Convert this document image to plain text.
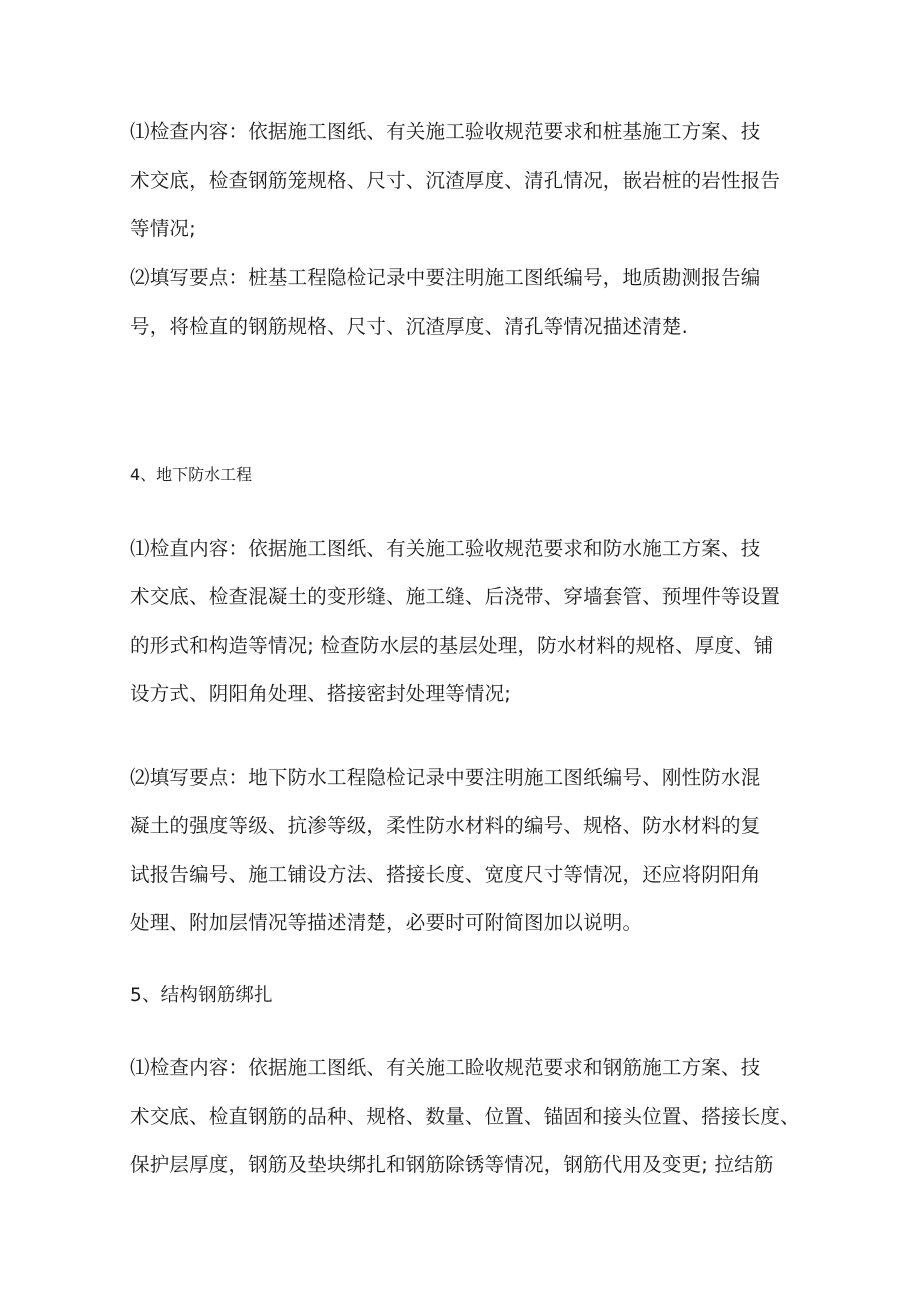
⑴检查内容：依据施工图纸、有关施工验收规范要求和桩基施工方案、技

术交底，检查钢筋笼规格、尺寸、沉渣厚度、清孔情况，嵌岩桩的岩性报告

等情况;

⑵填写要点：桩基工程隐检记录中要注明施工图纸编号，地质勘测报告编

号，将检直的钢筋规格、尺寸、沉渣厚度、清孔等情况描述清楚.

4、地下防水工程

⑴检直内容：依据施工图纸、有关施工验收规范要求和防水施工方案、技

术交底、检查混凝土的变形缝、施工缝、后浇带、穿墙套管、预埋件等设置

的形式和构造等情况; 检查防水层的基层处理，防水材料的规格、厚度、铺

设方式、阴阳角处理、搭接密封处理等情况;

⑵填写要点：地下防水工程隐检记录中要注明施工图纸编号、刚性防水混

凝土的强度等级、抗渗等级，柔性防水材料的编号、规格、防水材料的复

试报告编号、施工铺设方法、搭接长度、宽度尺寸等情况，还应将阴阳角

处理、附加层情况等描述清楚，必要时可附简图加以说明。

5、结构钢筋绑扎

⑴检查内容：依据施工图纸、有关施工睑收规范要求和钢筋施工方案、技

术交底、检直钢筋的品种、规格、数量、位置、锚固和接头位置、搭接长度、

保护层厚度，钢筋及垫块绑扎和钢筋除锈等情况，钢筋代用及变更; 拉结筋
